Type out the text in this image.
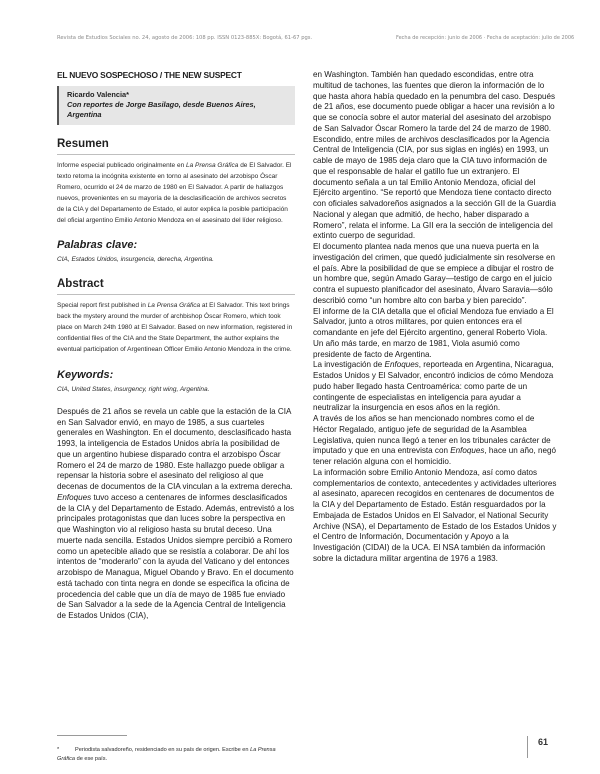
Revista de Estudios Sociales no. 24, agosto de 2006: 108 pp. ISSN 0123-885X: Bogotá, 61-67 pgs.	Fecha de recepción: junio de 2006 · Fecha de aceptación: julio de 2006
EL NUEVO SOSPECHOSO / THE NEW SUSPECT
Ricardo Valencia*
Con reportes de Jorge Basilago, desde Buenos Aires, Argentina
Resumen

Informe especial publicado originalmente en La Prensa Gráfica de El Salvador. El texto retoma la incógnita existente en torno al asesinato del arzobispo Óscar Romero, ocurrido el 24 de marzo de 1980 en El Salvador. A partir de hallazgos nuevos, provenientes en su mayoría de la desclasificación de archivos secretos de la CIA y del Departamento de Estado, el autor explica la posible participación del oficial argentino Emilio Antonio Mendoza en el asesinato del líder religioso.

Palabras clave:

CIA, Estados Unidos, insurgencia, derecha, Argentina.

Abstract

Special report first published in La Prensa Gráfica at El Salvador. This text brings back the mystery around the murder of archbishop Óscar Romero, which took place on March 24th 1980 at El Salvador. Based on new information, registered in confidential files of the CIA and the State Department, the author explains the eventual participation of Argentinean Officer Emilio Antonio Mendoza in the crime.

Keywords:

CIA, United States, insurgency, right wing, Argentina.

Después de 21 años se revela un cable que la estación de la CIA en San Salvador envió, en mayo de 1985, a sus cuarteles generales en Washington. En el documento, desclasificado hasta 1993, la inteligencia de Estados Unidos abría la posibilidad de que un argentino hubiese disparado contra el arzobispo Óscar Romero el 24 de marzo de 1980. Este hallazgo puede obligar a repensar la historia sobre el asesinato del religioso al que decenas de documentos de la CIA vinculan a la extrema derecha. Enfoques tuvo acceso a centenares de informes desclasificados de la CIA y del Departamento de Estado. Además, entrevistó a los principales protagonistas que dan luces sobre la perspectiva en que Washington vio al religioso hasta su brutal deceso. Una muerte nada sencilla. Estados Unidos siempre percibió a Romero como un apetecible aliado que se resistía a colaborar. De ahí los intentos de “moderarlo” con la ayuda del Vaticano y del entonces arzobispo de Managua, Miguel Obando y Bravo. En el documento está tachado con tinta negra en donde se especifica la oficina de procedencia del cable que un día de mayo de 1985 fue enviado de San Salvador a la sede de la Agencia Central de Inteligencia de Estados Unidos (CIA),

en Washington. También han quedado escondidas, entre otra multitud de tachones, las fuentes que dieron la información de lo que hasta ahora había quedado en la penumbra del caso. Después de 21 años, ese documento puede obligar a hacer una revisión a lo que se conocía sobre el autor material del asesinato del arzobispo de San Salvador Óscar Romero la tarde del 24 de marzo de 1980. Escondido, entre miles de archivos desclasificados por la Agencia Central de Inteligencia (CIA, por sus siglas en inglés) en 1993, un cable de mayo de 1985 deja claro que la CIA tuvo información de que el responsable de halar el gatillo fue un extranjero. El documento señala a un tal Emilio Antonio Mendoza, oficial del Ejército argentino. “Se reportó que Mendoza tiene contacto directo con oficiales salvadoreños asignados a la sección GII de la Guardia Nacional y alegan que admitió, de hecho, haber disparado a Romero”, relata el informe. La GII era la sección de inteligencia del extinto cuerpo de seguridad.

El documento plantea nada menos que una nueva puerta en la investigación del crimen, que quedó judicialmente sin resolverse en el país. Abre la posibilidad de que se empiece a dibujar el rostro de un hombre que, según Amado Garay—testigo de cargo en el juicio contra el supuesto planificador del asesinato, Álvaro Saravia—sólo describió como “un hombre alto con barba y bien parecido”.

El informe de la CIA detalla que el oficial Mendoza fue enviado a El Salvador, junto a otros militares, por quien entonces era el comandante en jefe del Ejército argentino, general Roberto Viola. Un año más tarde, en marzo de 1981, Viola asumió como presidente de facto de Argentina.

La investigación de Enfoques, reporteada en Argentina, Nicaragua, Estados Unidos y El Salvador, encontró indicios de cómo Mendoza pudo haber llegado hasta Centroamérica: como parte de un contingente de especialistas en inteligencia para ayudar a neutralizar la insurgencia en esos años en la región.

A través de los años se han mencionado nombres como el de Héctor Regalado, antiguo jefe de seguridad de la Asamblea Legislativa, quien nunca llegó a tener en los tribunales carácter de imputado y que en una entrevista con Enfoques, hace un año, negó tener relación alguna con el homicidio.

La información sobre Emilio Antonio Mendoza, así como datos complementarios de contexto, antecedentes y actividades ulteriores al asesinato, aparecen recogidos en centenares de documentos de la CIA y del Departamento de Estado. Están resguardados por la Embajada de Estados Unidos en El Salvador, el National Security Archive (NSA), el Departamento de Estado de los Estados Unidos y el Centro de Información, Documentación y Apoyo a la Investigación (CIDAI) de la UCA. El NSA también da información sobre la dictadura militar argentina de 1976 a 1983.

*	Periodista salvadoreño, residenciado en su país de origen. Escribe en La Prensa Gráfica de ese país.
61
